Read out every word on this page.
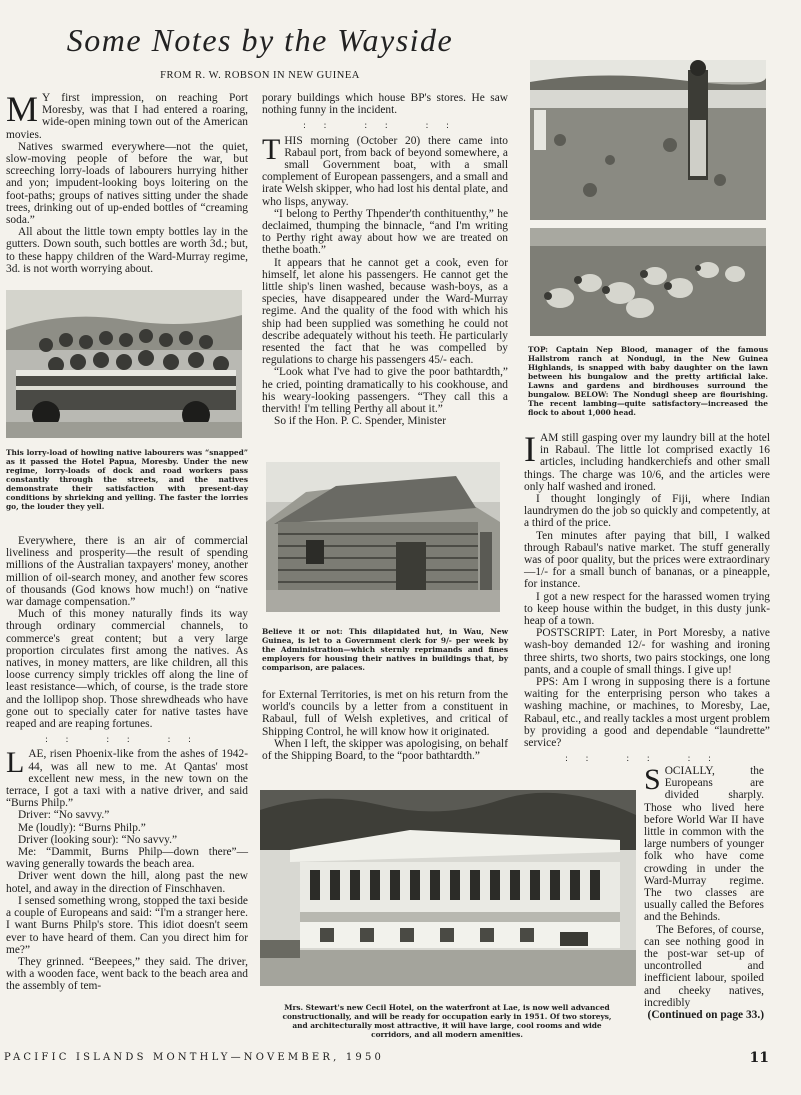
Some Notes by the Wayside
FROM R. W. ROBSON IN NEW GUINEA

M Y first impression, on reaching Port Moresby, was that I had entered a roaring, wide-open mining town out of the American movies.

Natives swarmed everywhere—not the quiet, slow-moving people of before the war, but screeching lorry-loads of labourers hurrying hither and yon; impudent-looking boys loitering on the foot-paths; groups of natives sitting under the shade trees, drinking out of up-ended bottles of “creaming soda.”

All about the little town empty bottles lay in the gutters. Down south, such bottles are worth 3d.; but, to these happy children of the Ward-Murray regime, 3d. is not worth worrying about.

This lorry-load of howling native labourers was “snapped” as it passed the Hotel Papua, Moresby. Under the new regime, lorry-loads of dock and road workers pass constantly through the streets, and the natives demonstrate their satisfaction with present-day conditions by shrieking and yelling. The faster the lorries go, the louder they yell.

Everywhere, there is an air of commercial liveliness and prosperity—the result of spending millions of the Australian taxpayers' money, another million of oil-search money, and another few scores of thousands (God knows how much!) on “native war damage compensation.”

Much of this money naturally finds its way through ordinary commercial channels, to commerce's great content; but a very large proportion circulates first among the natives. As natives, in money matters, are like children, all this loose currency simply trickles off along the line of least resistance—which, of course, is the trade store and the lollipop shop. Those shrewdheads who have gone out to specially cater for native tastes have reaped and are reaping fortunes.

:: :: ::

LAE, risen Phoenix-like from the ashes of 1942-44, was all new to me. At Qantas' most excellent new mess, in the new town on the terrace, I got a taxi with a native driver, and said “Burns Philp.”

Driver: “No savvy.”

Me (loudly): “Burns Philp.”

Driver (looking sour): “No savvy.”

Me: “Dammit, Burns Philp—down there”—waving generally towards the beach area.

Driver went down the hill, along past the new hotel, and away in the direction of Finschhaven.

I sensed something wrong, stopped the taxi beside a couple of Europeans and said: “I'm a stranger here. I want Burns Philp's store. This idiot doesn't seem ever to have heard of them. Can you direct him for me?”

They grinned. “Beepees,” they said. The driver, with a wooden face, went back to the beach area and the assembly of tem-

porary buildings which house BP's stores. He saw nothing funny in the incident.

:: :: ::

THIS morning (October 20) there came into Rabaul port, from back of beyond somewhere, a small Government boat, with a small complement of European passengers, and a small and irate Welsh skipper, who had lost his dental plate, and who lisps, anyway.

“I belong to Perthy Thpender'th conthituenthy,” he declaimed, thumping the binnacle, “and I'm writing to Perthy right away about how we are treated on thethe boath.”

It appears that he cannot get a cook, even for himself, let alone his passengers. He cannot get the little ship's linen washed, because wash-boys, as a species, have disappeared under the Ward-Murray regime. And the quality of the food with which his ship had been supplied was something he could not describe adequately without his teeth. He particularly resented the fact that he was compelled by regulations to charge his passengers 45/- each.

“Look what I've had to give the poor bathtardth,” he cried, pointing dramatically to his cookhouse, and his weary-looking passengers. “They call this a thervith! I'm telling Perthy all about it.”

So if the Hon. P. C. Spender, Minister

Believe it or not: This dilapidated hut, in Wau, New Guinea, is let to a Government clerk for 9/- per week by the Administration—which sternly reprimands and fines employers for housing their natives in buildings that, by comparison, are palaces.

for External Territories, is met on his return from the world's councils by a letter from a constituent in Rabaul, full of Welsh expletives, and critical of Shipping Control, he will know how it originated.

When I left, the skipper was apologising, on behalf of the Shipping Board, to the “poor bathtardth.”

TOP: Captain Nep Blood, manager of the famous Hallstrom ranch at Nondugl, in the New Guinea Highlands, is snapped with baby daughter on the lawn between his bungalow and the pretty artificial lake. Lawns and gardens and birdhouses surround the bungalow. BELOW: The Nondugl sheep are flourishing. The recent lambing—quite satisfactory—increased the flock to about 1,000 head.

IAM still gasping over my laundry bill at the hotel in Rabaul. The little lot comprised exactly 16 articles, including handkerchiefs and other small things. The charge was 10/6, and the articles were only half washed and ironed.

I thought longingly of Fiji, where Indian laundrymen do the job so quickly and competently, at a third of the price.

Ten minutes after paying that bill, I walked through Rabaul's native market. The stuff generally was of poor quality, but the prices were extraordinary—1/- for a small bunch of bananas, or a pineapple, for instance.

I got a new respect for the harassed women trying to keep house within the budget, in this dusty junk-heap of a town.

POSTSCRIPT: Later, in Port Moresby, a native wash-boy demanded 12/- for washing and ironing three shirts, two shorts, two pairs stockings, one long pants, and a couple of small things. I give up!

PPS: Am I wrong in supposing there is a fortune waiting for the enterprising person who takes a washing machine, or machines, to Moresby, Lae, Rabaul, etc., and really tackles a most urgent problem by providing a good and dependable “laundrette” service?

:: :: ::

SOCIALLY, the Europeans are divided sharply. Those who lived here before World War II have little in common with the large numbers of younger folk who have come crowding in under the Ward-Murray regime. The two classes are usually called the Befores and the Behinds.

The Befores, of course, can see nothing good in the post-war set-up of uncontrolled and inefficient labour, spoiled and cheeky natives, incredibly

(Continued on page 33.)

Mrs. Stewart's new Cecil Hotel, on the waterfront at Lae, is now well advanced constructionally, and will be ready for occupation early in 1951. Of two storeys, and architecturally most attractive, it will have large, cool rooms and wide corridors, and all modern amenities.
PACIFIC ISLANDS MONTHLY—NOVEMBER, 1950	11
